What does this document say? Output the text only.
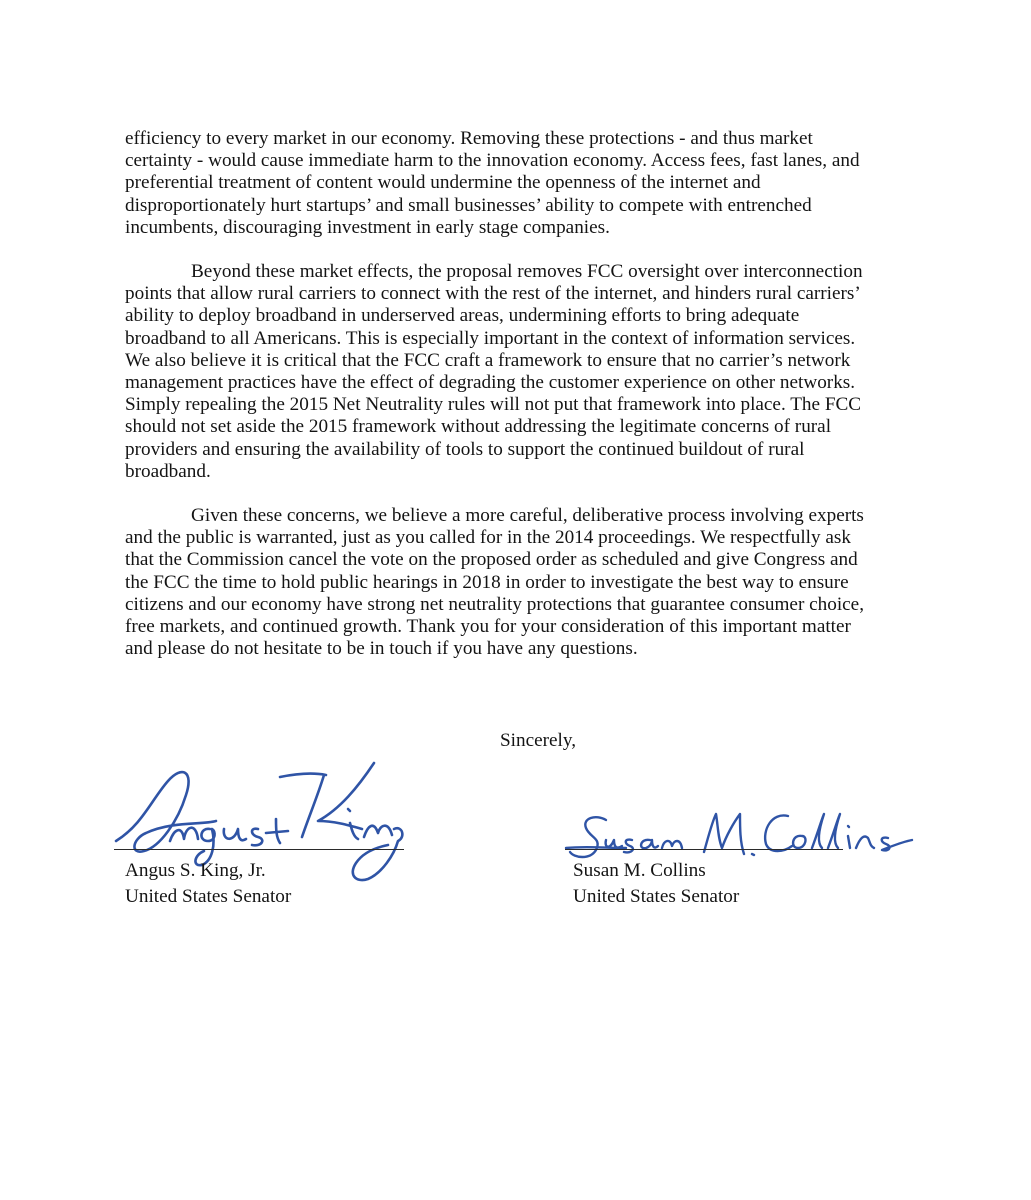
efficiency to every market in our economy. Removing these protections - and thus market
certainty - would cause immediate harm to the innovation economy. Access fees, fast lanes, and
preferential treatment of content would undermine the openness of the internet and
disproportionately hurt startups’ and small businesses’ ability to compete with entrenched
incumbents, discouraging investment in early stage companies.

Beyond these market effects, the proposal removes FCC oversight over interconnection

points that allow rural carriers to connect with the rest of the internet, and hinders rural carriers’
ability to deploy broadband in underserved areas, undermining efforts to bring adequate
broadband to all Americans. This is especially important in the context of information services.
We also believe it is critical that the FCC craft a framework to ensure that no carrier’s network
management practices have the effect of degrading the customer experience on other networks.
Simply repealing the 2015 Net Neutrality rules will not put that framework into place. The FCC
should not set aside the 2015 framework without addressing the legitimate concerns of rural
providers and ensuring the availability of tools to support the continued buildout of rural
broadband.

Given these concerns, we believe a more careful, deliberative process involving experts

and the public is warranted, just as you called for in the 2014 proceedings. We respectfully ask
that the Commission cancel the vote on the proposed order as scheduled and give Congress and
the FCC the time to hold public hearings in 2018 in order to investigate the best way to ensure
citizens and our economy have strong net neutrality protections that guarantee consumer choice,
free markets, and continued growth. Thank you for your consideration of this important matter
and please do not hesitate to be in touch if you have any questions.

Sincerely,
Angus S. King, Jr.
United States Senator
Susan M. Collins
United States Senator
